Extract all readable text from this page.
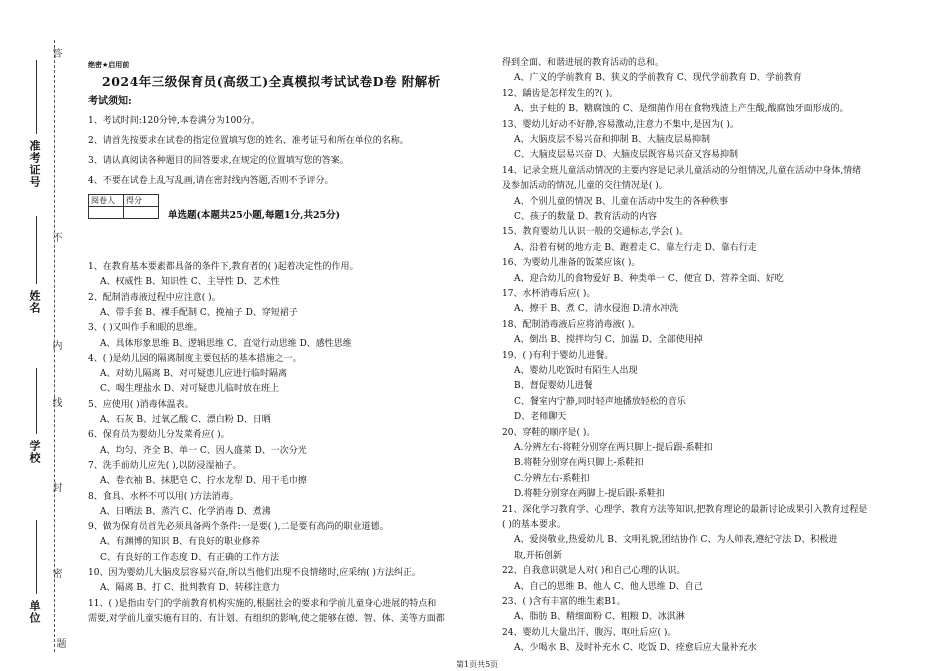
答
不
内
线
封
密
准考证号
姓名
学校
单位
题
绝密★启用前
2024年三级保育员(高级工)全真模拟考试试卷D卷 附解析
考试须知:
1、考试时间:120分钟,本卷满分为100分。
2、请首先按要求在试卷的指定位置填写您的姓名、准考证号和所在单位的名称。
3、请认真阅读各种题目的回答要求,在规定的位置填写您的答案。
4、不要在试卷上乱写乱画,请在密封线内答题,否则不予评分。
阅卷人	得分

单选题(本题共25小题,每题1分,共25分)
1、在教育基本要素都具备的条件下,教育者的( )起着决定性的作用。
A、权威性 B、知识性 C、主导性 D、艺术性
2、配制消毒液过程中应注意( )。
A、带手套 B、裸手配制 C、挽袖子 D、穿短裙子
3、( )又叫作手和眼的思维。
A、具体形象思维 B、逻辑思维 C、直觉行动思维 D、感性思维
4、( )是幼儿园的隔离制度主要包括的基本措施之一。
A、对幼儿隔离 B、对可疑患儿应进行临时隔离
C、喝生理盐水 D、对可疑患儿临时放在班上
5、应使用( )消毒体温表。
A、石灰 B、过氧乙酸 C、漂白粉 D、日晒
6、保育员为婴幼儿分发菜肴应( )。
A、均匀、齐全 B、单一 C、因人盛菜 D、一次分光
7、洗手前幼儿应先( ),以防浸湿袖子。
A、卷衣袖 B、抹肥皂 C、拧水龙犁 D、用干毛巾擦
8、食具、水杯不可以用( )方法消毒。
A、日晒法 B、蒸汽 C、化学消毒 D、煮沸
9、做为保育员首先必须具备两个条件:一是要( ),二是要有高尚的职业道德。
A、有渊博的知识 B、有良好的职业修养
C、有良好的工作态度 D、有正确的工作方法
10、因为婴幼儿大脑皮层容易兴奋,所以当他们出现不良情绪时,应采纳( )方法纠正。
A、隔离 B、打 C、批判教育 D、转移注意力
11、( )是指由专门的学前教育机构实施的,根据社会的要求和学前儿童身心进展的特点和
需要,对学前儿童实施有目的、有计划、有组织的影响,使之能够在德、智、体、美等方面都
得到全面、和谐进展的教育活动的总和。
A、广义的学前教育 B、狭义的学前教育 C、现代学前教育 D、学前教育
12、龋齿是怎样发生的?( )。
A、虫子蛀的 B、糖腐蚀的 C、是细菌作用在食物残渣上产生酸,酸腐蚀牙面形成的。
13、婴幼儿好动不好静,容易激动,注意力不集中,是因为( )。
A、大脑皮层不易兴奋和抑制 B、大脑皮层易抑制
C、大脑皮层易兴奋 D、大脑皮层既容易兴奋又容易抑制
14、记录全班儿童活动情况的主要内容是记录儿童活动的分组情况,儿童在活动中身体,情绪
及参加活动的情况,儿童的交往情况是( )。
A、个别儿童的情况 B、儿童在活动中发生的各种秩事
C、孩子的数量 D、教育活动的内容
15、教育婴幼儿认识一般的交通标志,学会( )。
A、沿着有树的地方走 B、跑着走 C、靠左行走 D、靠右行走
16、为婴幼儿准备的饭菜应该( )。
A、迎合幼儿的食物爱好 B、种类单一 C、便宜 D、营养全面、好吃
17、水杯消毒后应( )。
A、擦干 B、煮 C、清水侵泡 D.清水冲洗
18、配制消毒液后应将消毒液( )。
A、倒出 B、搅拌均匀 C、加温 D、全部使用掉
19、( )有利于婴幼儿进餐。
A、婴幼儿吃饭时有陌生人出现
B、督促婴幼儿进餐
C、餐室内宁静,同时轻声地播放轻松的音乐
D、老师聊天
20、穿鞋的顺序是( )。
A.分辨左右-将鞋分别穿在两只脚上-提后跟-系鞋扣
B.将鞋分别穿在两只脚上-系鞋扣
C.分辨左右-系鞋扣
D.将鞋分别穿在两脚上-提后跟-系鞋扣
21、深化学习教育学、心理学、教育方法等知识,把教育理论的最新讨论成果引入教育过程是
( )的基本要求。
A、爱岗敬业,热爱幼儿 B、文明礼貌,团结协作 C、为人师表,遵纪守法 D、积极进
取,开拓创新
22、自我意识就是人对( )和自己心理的认识。
A、自己的思维 B、他人 C、他人思维 D、自己
23、( )含有丰富的维生素B1。
A、脂肪 B、精细面粉 C、粗粮 D、冰淇淋
24、婴幼儿大量出汗、腹泻、呕吐后应( )。
A、少喝水 B、及时补充水 C、吃饭 D、痊愈后应大量补充水
第1页共5页
